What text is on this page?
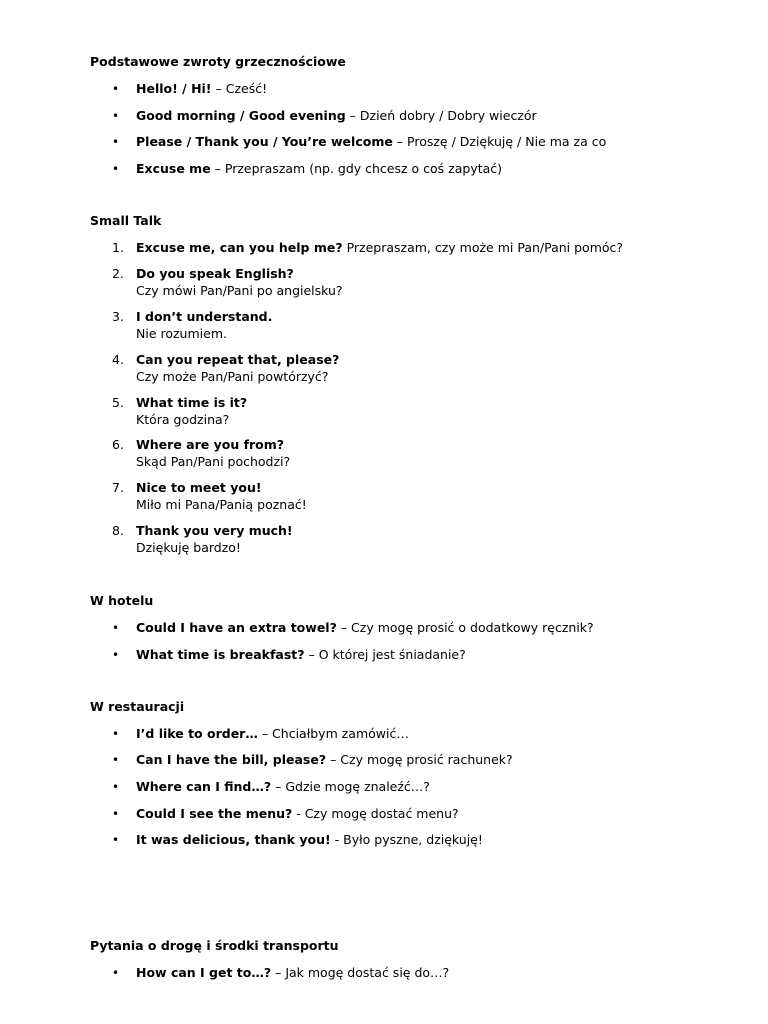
Podstawowe zwroty grzecznościowe
• Hello! / Hi! – Cześć!
• Good morning / Good evening – Dzień dobry / Dobry wieczór
• Please / Thank you / You’re welcome – Proszę / Dziękuję / Nie ma za co
• Excuse me – Przepraszam (np. gdy chcesz o coś zapytać)
Small Talk
1. Excuse me, can you help me? Przepraszam, czy może mi Pan/Pani pomóc?
2. Do you speak English?
Czy mówi Pan/Pani po angielsku?
3. I don’t understand.
Nie rozumiem.
4. Can you repeat that, please?
Czy może Pan/Pani powtórzyć?
5. What time is it?
Która godzina?
6. Where are you from?
Skąd Pan/Pani pochodzi?
7. Nice to meet you!
Miło mi Pana/Panią poznać!
8. Thank you very much!
Dziękuję bardzo!
W hotelu
• Could I have an extra towel? – Czy mogę prosić o dodatkowy ręcznik?
• What time is breakfast? – O której jest śniadanie?
W restauracji
• I’d like to order… – Chciałbym zamówić…
• Can I have the bill, please? – Czy mogę prosić rachunek?
• Where can I find…? – Gdzie mogę znaleźć…?
• Could I see the menu? - Czy mogę dostać menu?
• It was delicious, thank you! - Było pyszne, dziękuję!
Pytania o drogę i środki transportu
• How can I get to…? – Jak mogę dostać się do…?
